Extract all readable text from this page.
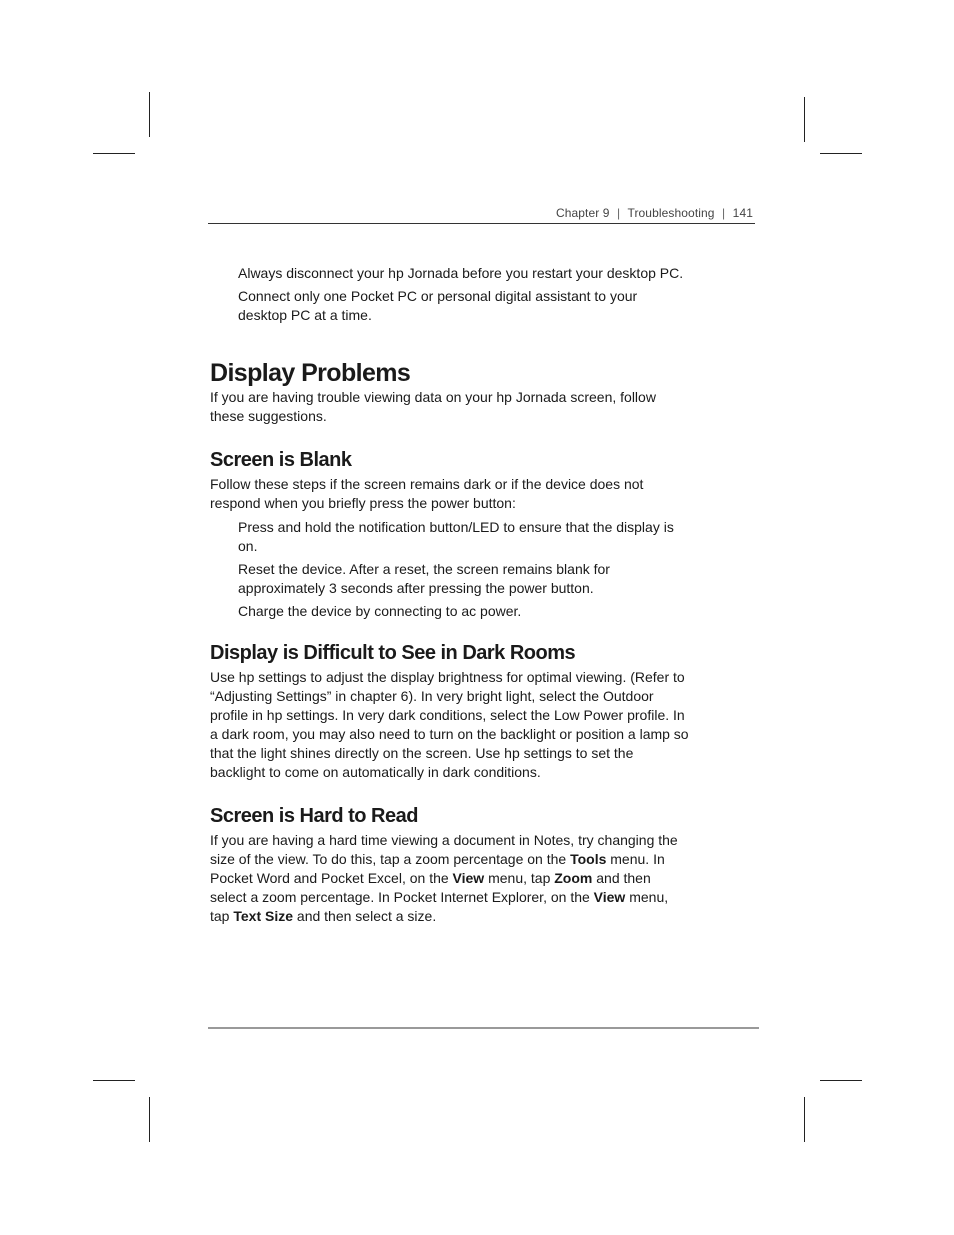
Chapter 9 | Troubleshooting | 141

Always disconnect your hp Jornada before you restart your desktop PC.

Connect only one Pocket PC or personal digital assistant to your desktop PC at a time.

Display Problems

If you are having trouble viewing data on your hp Jornada screen, follow these suggestions.

Screen is Blank

Follow these steps if the screen remains dark or if the device does not respond when you briefly press the power button:

Press and hold the notification button/LED to ensure that the display is on.

Reset the device. After a reset, the screen remains blank for approximately 3 seconds after pressing the power button.

Charge the device by connecting to ac power.

Display is Difficult to See in Dark Rooms

Use hp settings to adjust the display brightness for optimal viewing. (Refer to “Adjusting Settings” in chapter 6). In very bright light, select the Outdoor profile in hp settings. In very dark conditions, select the Low Power profile. In a dark room, you may also need to turn on the backlight or position a lamp so that the light shines directly on the screen. Use hp settings to set the backlight to come on automatically in dark conditions.

Screen is Hard to Read

If you are having a hard time viewing a document in Notes, try changing the size of the view. To do this, tap a zoom percentage on the Tools menu. In Pocket Word and Pocket Excel, on the View menu, tap Zoom and then select a zoom percentage. In Pocket Internet Explorer, on the View menu, tap Text Size and then select a size.
